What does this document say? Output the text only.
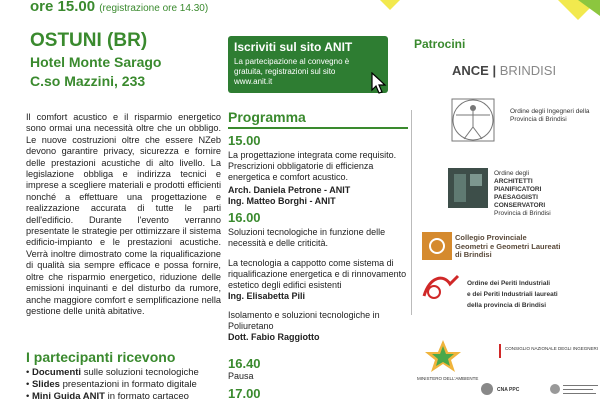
ore 15.00 (registrazione ore 14.30)
OSTUNI (BR)
Hotel Monte Sarago
C.so Mazzini, 233
Iscriviti sul sito ANIT
La partecipazione al convegno è gratuita, registrazioni sul sito www.anit.it
Il comfort acustico e il risparmio energetico sono ormai una necessità oltre che un obbligo. Le nuove costruzioni oltre che essere NZeb devono garantire privacy, sicurezza e fornire delle prestazioni acustiche di alto livello. La legislazione obbliga e indirizza tecnici e imprese a scegliere materiali e prodotti efficienti nonché a effettuare una progettazione e realizzazione accurata di tutte le parti dell'edificio. Durante l'evento verranno presentate le strategie per ottimizzare il sistema edificio-impianto e le prestazioni acustiche. Verrà inoltre dimostrato come la riqualificazione di qualità sia sempre efficace e possa fornire, oltre che risparmio energetico, riduzione delle emissioni inquinanti e del disturbo da rumore, anche maggiore comfort e semplificazione nella gestione delle unità abitative.
I partecipanti ricevono
• Documenti sulle soluzioni tecnologiche
• Slides presentazioni in formato digitale
• Mini Guida ANIT in formato cartaceo
Programma
15.00
La progettazione integrata come requisito. Prescrizioni obbligatorie di efficienza energetica e comfort acustico.
Arch. Daniela Petrone - ANIT
Ing. Matteo Borghi - ANIT
16.00
Soluzioni tecnologiche in funzione delle necessità e delle criticità.
La tecnologia a cappotto come sistema di riqualificazione energetica e di rinnovamento estetico degli edifici esistenti
Ing. Elisabetta Pili
Isolamento e soluzioni tecnologiche in Poliuretano
Dott. Fabio Raggiotto
16.40
Pausa
17.00
Patrocini
ANCE | BRINDISI
Ordine degli Ingegneri della Provincia di Brindisi
Ordine degli
ARCHITETTI
PIANIFICATORI
PAESAGGISTI
CONSERVATORI
Provincia di Brindisi
Collegio Provinciale
Geometri e Geometri Laureati
di Brindisi
Ordine dei Periti Industriali
e dei Periti Industriali laureati
della provincia di Brindisi
MINISTERO DELL'AMBIENTE
CONSIGLIO NAZIONALE DEGLI INGEGNERI
CNA PPC
